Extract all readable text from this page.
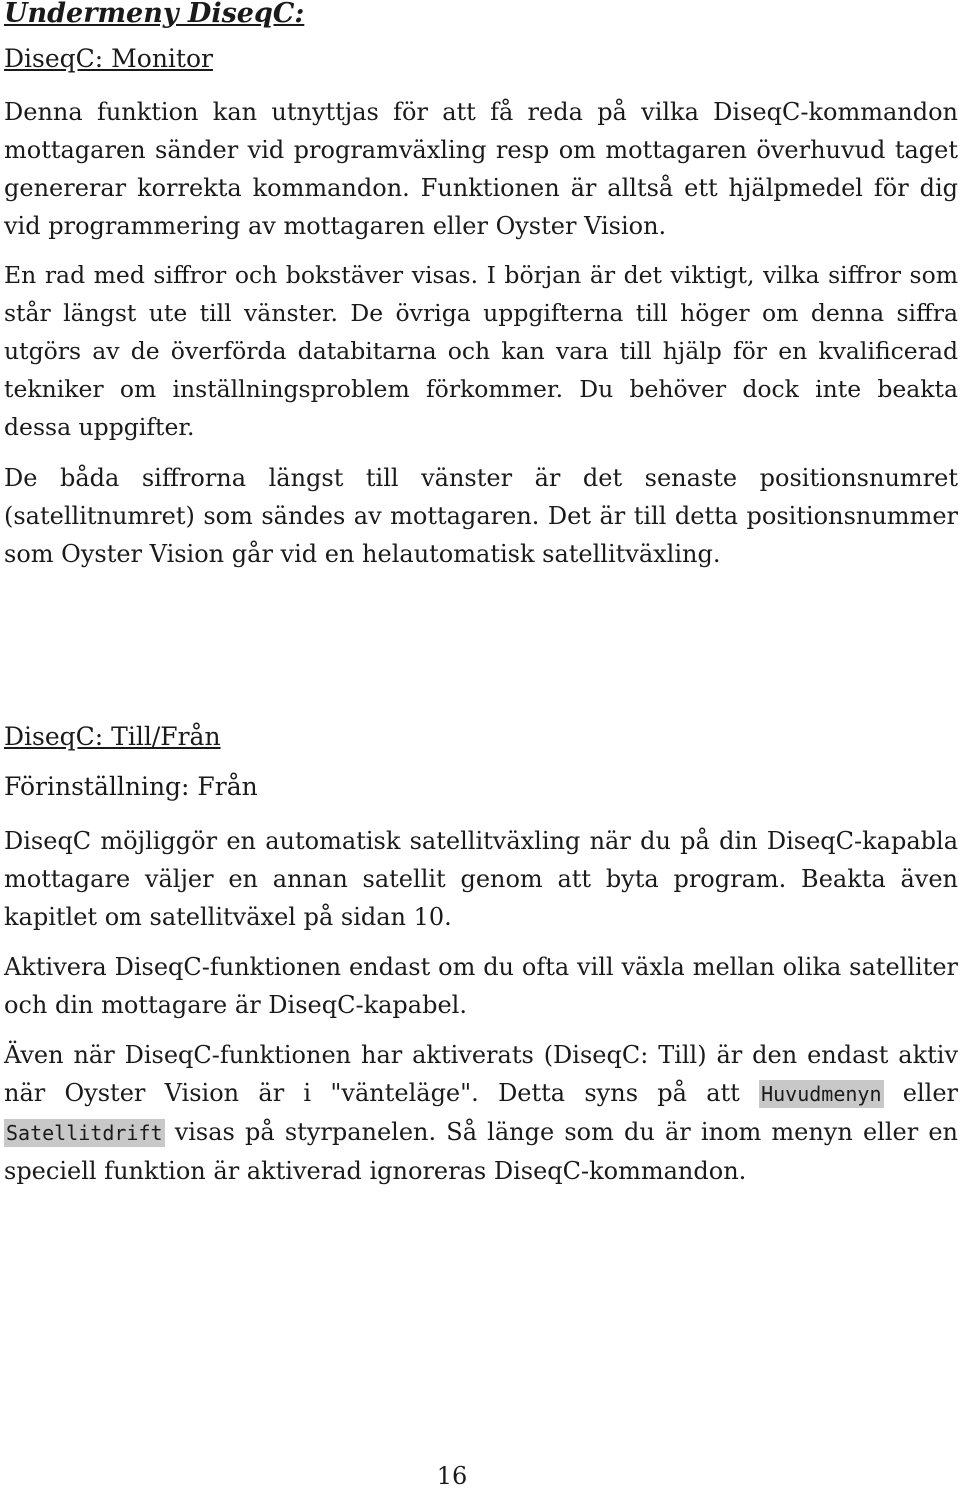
Undermeny DiseqC:
DiseqC: Monitor

Denna funktion kan utnyttjas för att få reda på vilka DiseqC-kommandon mottagaren sänder vid programväxling resp om mottagaren överhuvud taget genererar korrekta kommandon. Funktionen är alltså ett hjälpmedel för dig vid programmering av mottagaren eller Oyster Vision.

En rad med siffror och bokstäver visas. I början är det viktigt, vilka siffror som står längst ute till vänster. De övriga uppgifterna till höger om denna siffra utgörs av de överförda databitarna och kan vara till hjälp för en kvalificerad tekniker om inställningsproblem förkommer. Du behöver dock inte beakta dessa uppgifter.

De båda siffrorna längst till vänster är det senaste positionsnumret (satellitnumret) som sändes av mottagaren. Det är till detta positionsnummer som Oyster Vision går vid en helautomatisk satellitväxling.

DiseqC: Till/Från

Förinställning: Från

DiseqC möjliggör en automatisk satellitväxling när du på din DiseqC-kapabla mottagare väljer en annan satellit genom att byta program. Beakta även kapitlet om satellitväxel på sidan 10.

Aktivera DiseqC-funktionen endast om du ofta vill växla mellan olika satelliter och din mottagare är DiseqC-kapabel.

Även när DiseqC-funktionen har aktiverats (DiseqC: Till) är den endast aktiv när Oyster Vision är i "vänteläge". Detta syns på att Huvudmenyn eller Satellitdrift visas på styrpanelen. Så länge som du är inom menyn eller en speciell funktion är aktiverad ignoreras DiseqC-kommandon.

16
